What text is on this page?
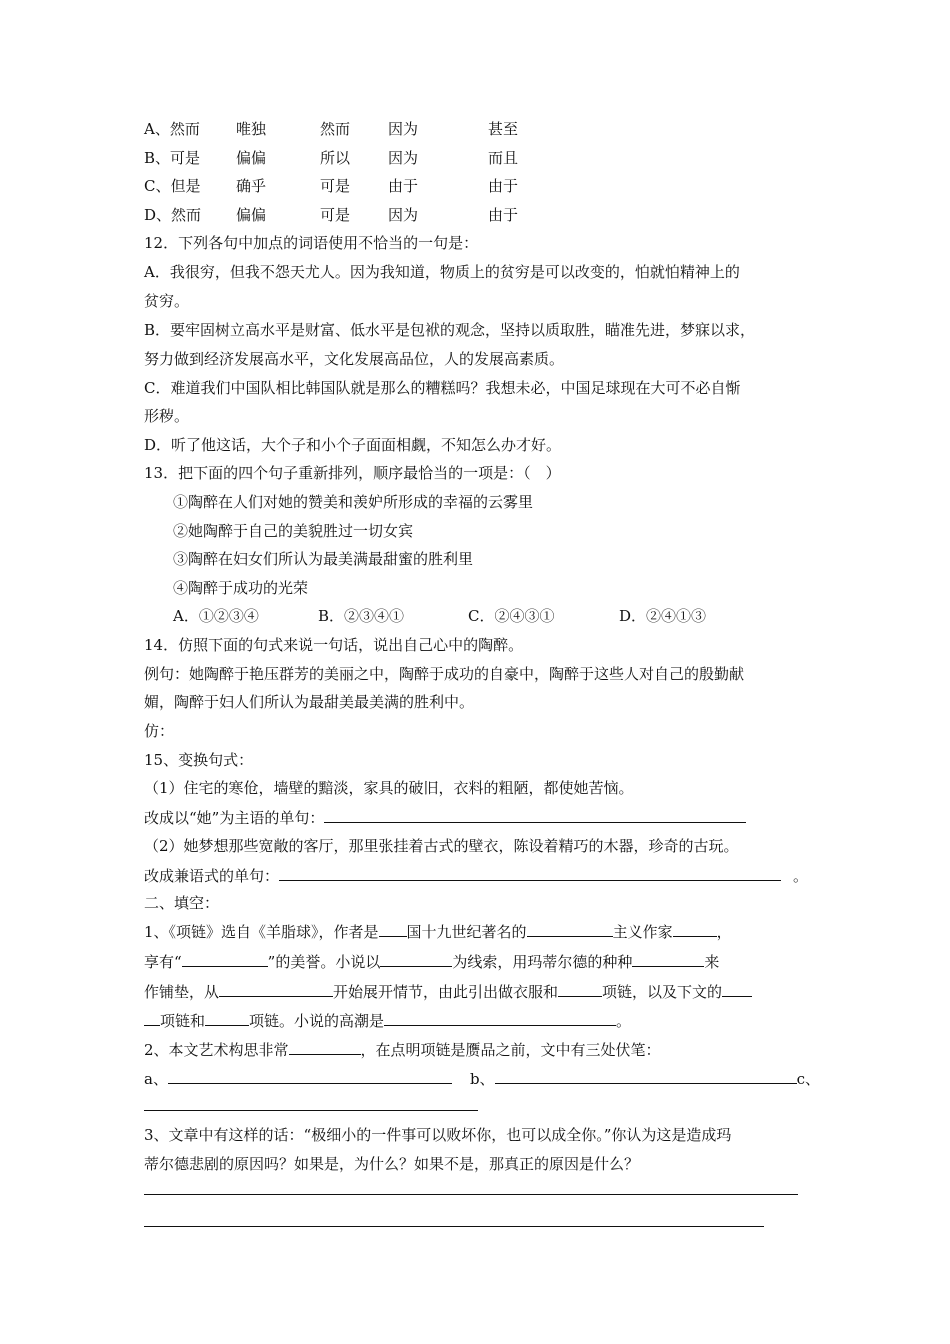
A、然而 唯独	然而	因为	甚至
B、可是 偏偏	所以	因为	而且
C、但是 确乎	可是	由于	由于
D、然而 偏偏	可是	因为	由于
12．下列各句中加点的词语使用不恰当的一句是：
A．我很穷，但我不怨天尤人。因为我知道，物质上的贫穷是可以改变的，怕就怕精神上的
贫穷。
B．要牢固树立高水平是财富、低水平是包袱的观念，坚持以质取胜，瞄准先进，梦寐以求，
努力做到经济发展高水平，文化发展高品位，人的发展高素质。
C．难道我们中国队相比韩国队就是那么的糟糕吗？我想未必，中国足球现在大可不必自惭
形秽。
D．听了他这话，大个子和小个子面面相觑，不知怎么办才好。
13．把下面的四个句子重新排列，顺序最恰当的一项是：（　）
①陶醉在人们对她的赞美和羡妒所形成的幸福的云雾里
②她陶醉于自己的美貌胜过一切女宾
③陶醉在妇女们所认为最美满最甜蜜的胜利里
④陶醉于成功的光荣
A．①②③④	B．②③④①	C．②④③①	D．②④①③
14．仿照下面的句式来说一句话，说出自己心中的陶醉。
例句：她陶醉于艳压群芳的美丽之中，陶醉于成功的自豪中，陶醉于这些人对自己的殷勤献
媚，陶醉于妇人们所认为最甜美最美满的胜利中。
仿：
15、变换句式：
（1）住宅的寒伧，墙壁的黯淡，家具的破旧，衣料的粗陋，都使她苦恼。
改成以“她”为主语的单句：
（2）她梦想那些宽敞的客厅，那里张挂着古式的壁衣，陈设着精巧的木器，珍奇的古玩。
改成兼语式的单句：	。
二、填空：
1、《项链》选自《羊脂球》，作者是 国十九世纪著名的	主义作家	，
享有“	”的美誉。小说以	为线索，用玛蒂尔德的种种	来
作铺垫，从	开始展开情节，由此引出做衣服和	项链，以及下文的
项链和	项链。小说的高潮是	。
2、本文艺术构思非常	，在点明项链是赝品之前，文中有三处伏笔：
a、	b、	c、
3、文章中有这样的话：“极细小的一件事可以败坏你，也可以成全你。”你认为这是造成玛
蒂尔德悲剧的原因吗？如果是，为什么？如果不是，那真正的原因是什么？
